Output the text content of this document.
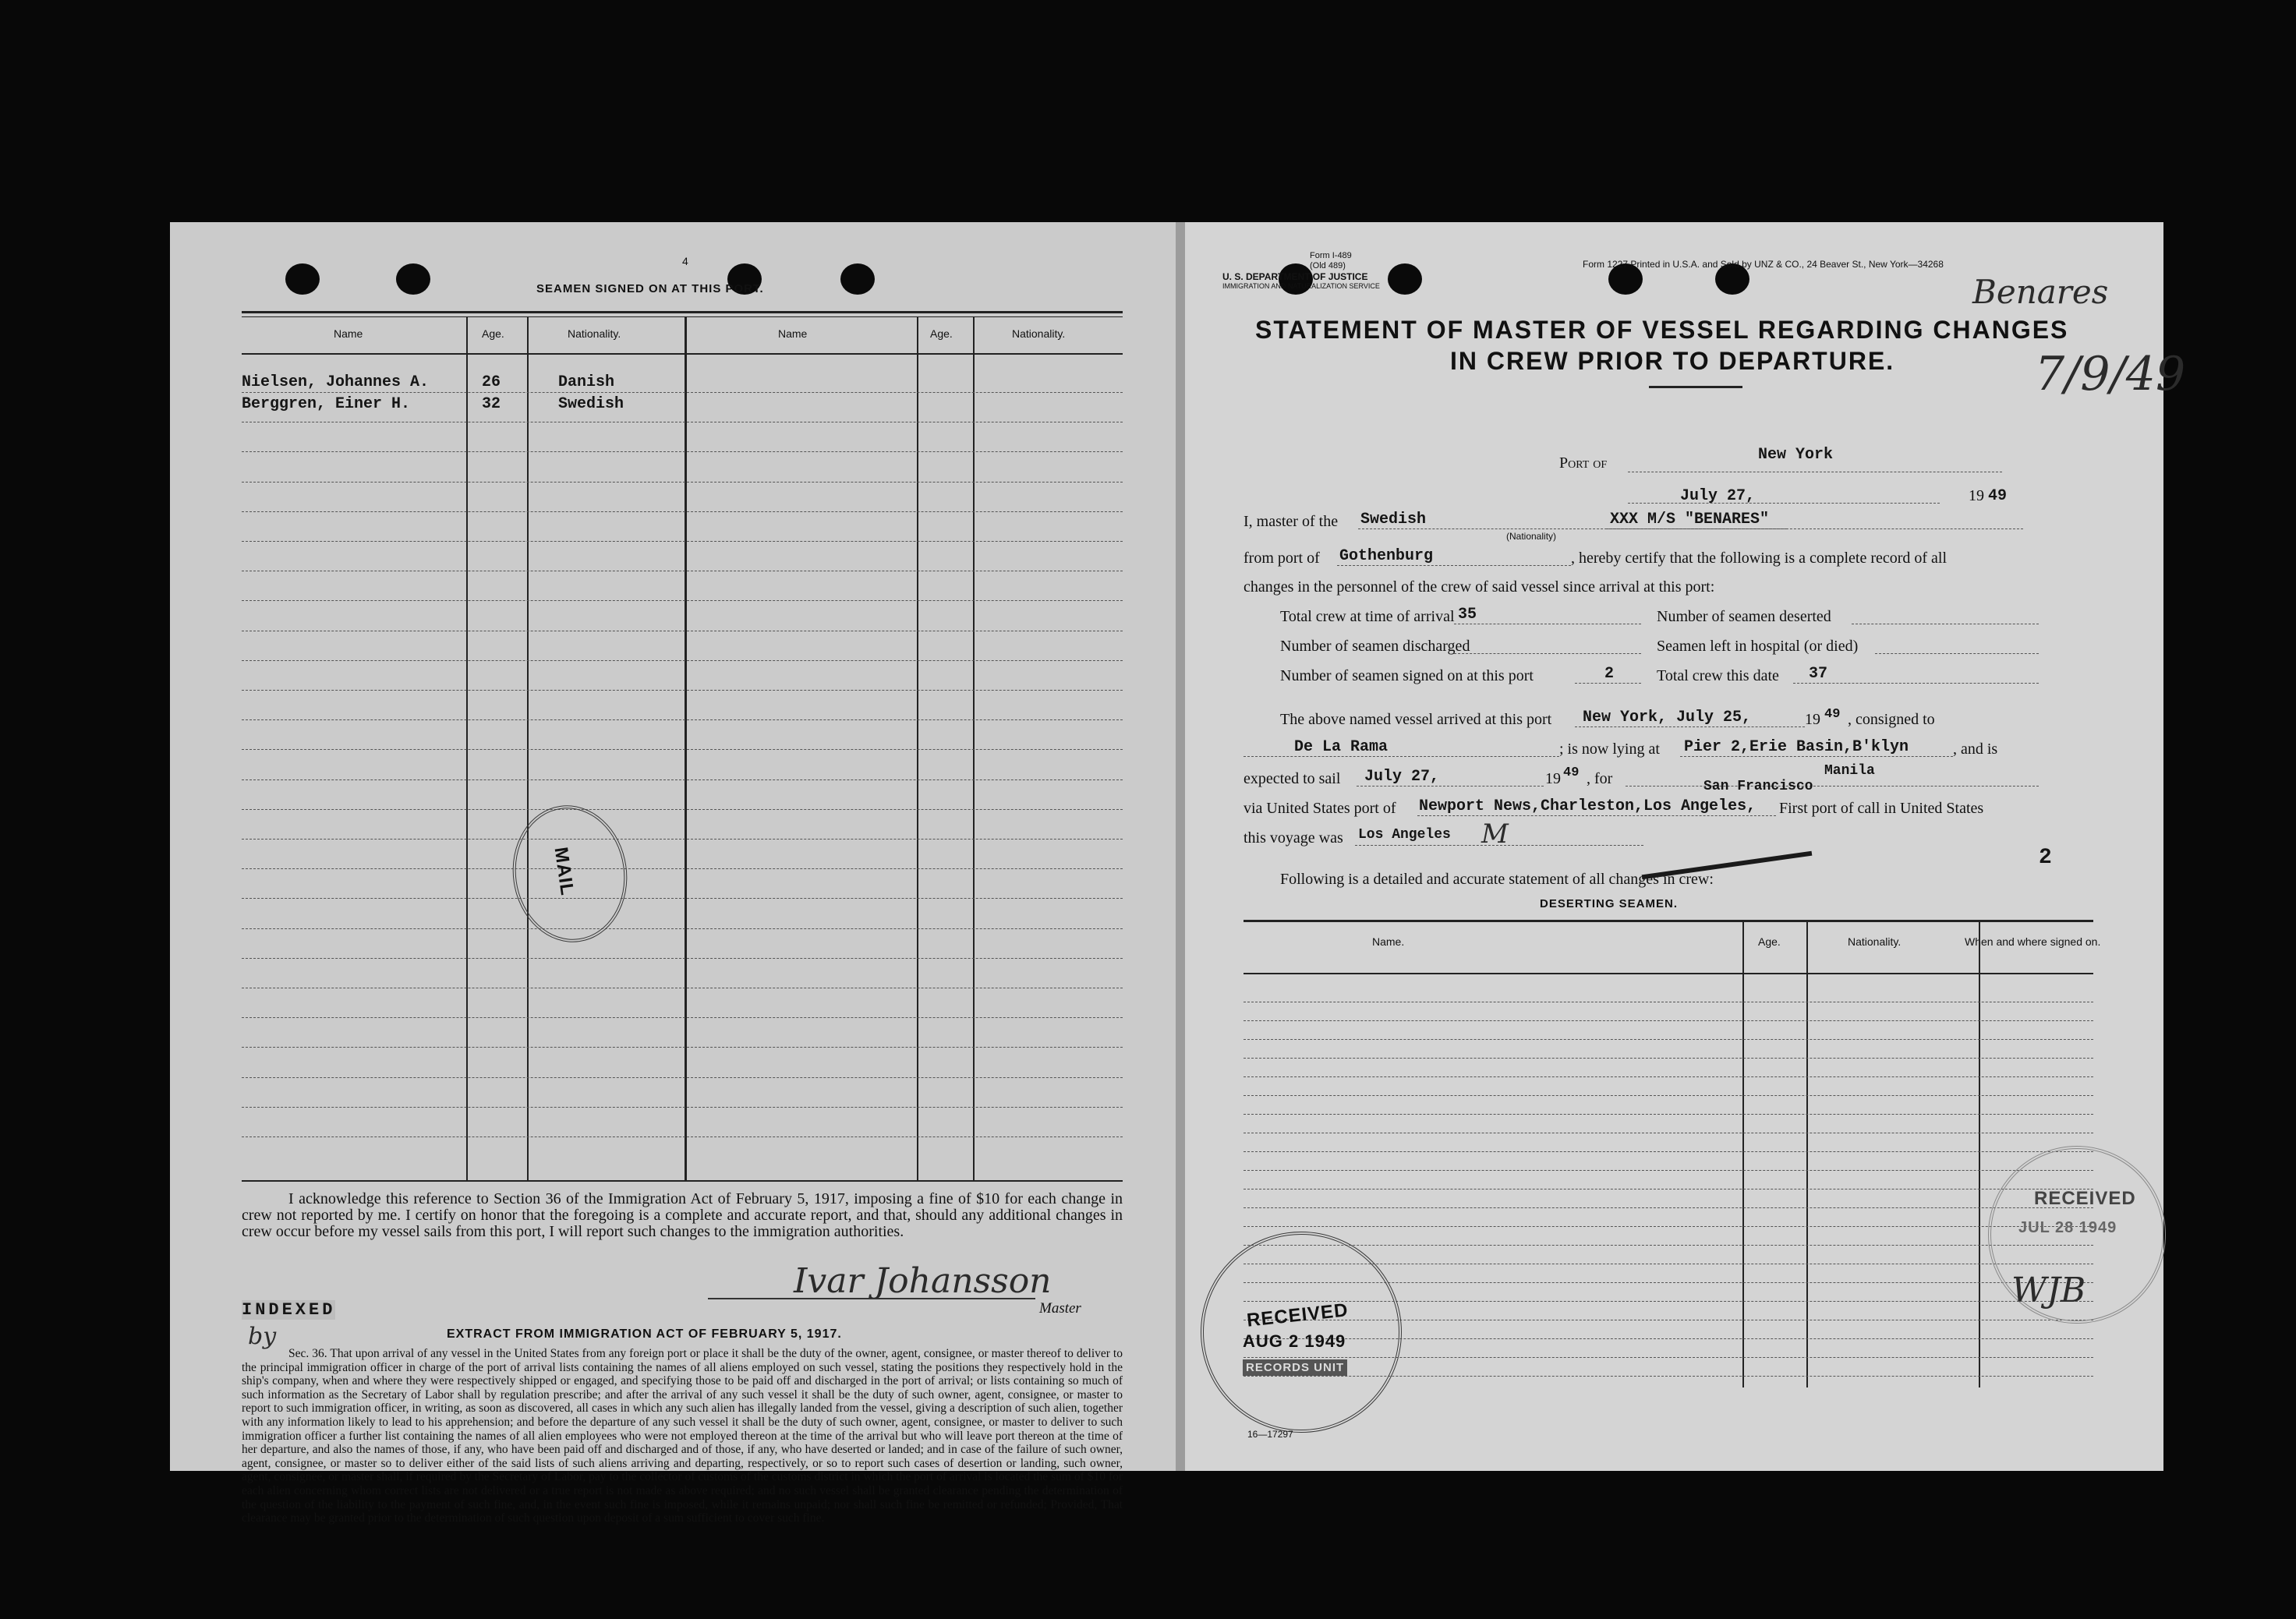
4
SEAMEN SIGNED ON AT THIS PORT.
Name	Age.	Nationality.	Name	Age.	Nationality.
Nielsen, Johannes A.	26	Danish
Berggren, Einer H.	32	Swedish
MAIL
I acknowledge this reference to Section 36 of the Immigration Act of February 5, 1917, imposing a fine of $10 for each change in crew not reported by me. I certify on honor that the foregoing is a complete and accurate report, and that, should any additional changes in crew occur before my vessel sails from this port, I will report such changes to the immigration authorities.
Ivar Johansson
Master
INDEXED
by	EXTRACT FROM IMMIGRATION ACT OF FEBRUARY 5, 1917.
Sec. 36. That upon arrival of any vessel in the United States from any foreign port or place it shall be the duty of the owner, agent, consignee, or master thereof to deliver to the principal immigration officer in charge of the port of arrival lists containing the names of all aliens employed on such vessel, stating the positions they respectively hold in the ship's company, when and where they were respectively shipped or engaged, and specifying those to be paid off and discharged in the port of arrival; or lists containing so much of such information as the Secretary of Labor shall by regulation prescribe; and after the arrival of any such vessel it shall be the duty of such owner, agent, consignee, or master to report to such immigration officer, in writing, as soon as discovered, all cases in which any such alien has illegally landed from the vessel, giving a description of such alien, together with any information likely to lead to his apprehension; and before the departure of any such vessel it shall be the duty of such owner, agent, consignee, or master to deliver to such immigration officer a further list containing the names of all alien employees who were not employed thereon at the time of the arrival but who will leave port thereon at the time of her departure, and also the names of those, if any, who have been paid off and discharged and of those, if any, who have deserted or landed; and in case of the failure of such owner, agent, consignee, or master so to deliver either of the said lists of such aliens arriving and departing, respectively, or so to report such cases of desertion or landing, such owner, agent, consignee, or master shall, if required by the Secretary of Labor, pay to the collector of customs of the customs district in which the port of arrival is located the sum of $10 for each alien concerning whom correct lists are not delivered or a true report is not made as above required; and no such vessel shall be granted clearance pending the determination of the question of the liability to the payment of such fine, and, in the event such fine is imposed, while it remains unpaid; nor shall such fine be remitted or refunded; Provided, That clearance may be granted prior to the determination of such question upon deposit of a sum sufficient to cover such fine.
Form I-489
(Old 489)
U. S. DEPARTMENT OF JUSTICE
IMMIGRATION AND NATURALIZATION SERVICE
Form 1227 Printed in U.S.A. and Sold by UNZ & CO., 24 Beaver St., New York—34268
STATEMENT OF MASTER OF VESSEL REGARDING CHANGES
IN CREW PRIOR TO DEPARTURE.
Benares
7/9/49
Port of	New York
July 27,	19 49
I, master of the Swedish
(Nationality)
XXX M/S "BENARES"
from port of Gothenburg	, hereby certify that the following is a complete record of all
changes in the personnel of the crew of said vessel since arrival at this port:
Total crew at time of arrival 35
Number of seamen discharged
Number of seamen signed on at this port	2
Number of seamen deserted
Seamen left in hospital (or died)
Total crew this date 37
The above named vessel arrived at this port New York, July 25,	19 49 , consigned to
De La Rama	; is now lying at Pier 2,Erie Basin,B'klyn	, and is
expected to sail July 27,	19 49 , for	Manila
San Francisco
via United States port of Newport News,Charleston,Los Angeles, First port of call in United States
this voyage was Los Angeles M
Following is a detailed and accurate statement of all changes in crew:
2
DESERTING SEAMEN.
Name.	Age.	Nationality.	When and where signed on.
RECEIVED
AUG 2 1949
RECORDS UNIT
16—17297
RECEIVED
JUL 28 1949
WJB
